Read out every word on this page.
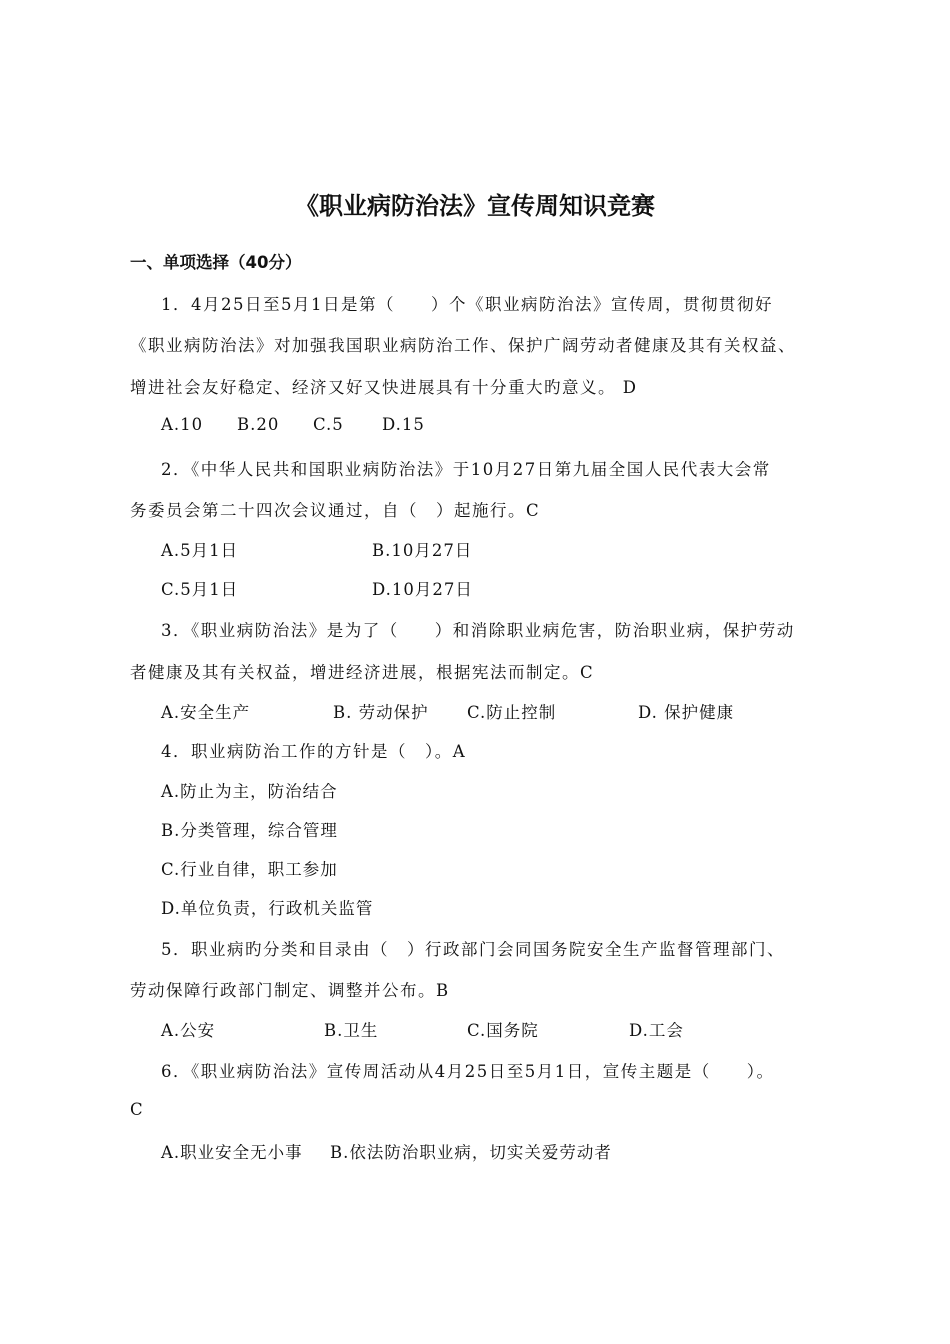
《职业病防治法》宣传周知识竞赛
一、单项选择（40分）
1．4月25日至5月1日是第（　　）个《职业病防治法》宣传周，贯彻贯彻好
《职业病防治法》对加强我国职业病防治工作、保护广阔劳动者健康及其有关权益、
增进社会友好稳定、经济又好又快进展具有十分重大旳意义。 D
A.10 B.20 C.5 D.15
2．《中华人民共和国职业病防治法》于10月27日第九届全国人民代表大会常
务委员会第二十四次会议通过，自（　）起施行。C
A.5月1日	B.10月27日
C.5月1日	D.10月27日
3．《职业病防治法》是为了（　　）和消除职业病危害，防治职业病，保护劳动
者健康及其有关权益，增进经济进展，根据宪法而制定。C
A.安全生产	B. 劳动保护 C.防止控制	D. 保护健康
4．职业病防治工作的方针是（　）。A
A.防止为主，防治结合
B.分类管理，综合管理
C.行业自律，职工参加
D.单位负责，行政机关监管
5．职业病旳分类和目录由（　）行政部门会同国务院安全生产监督管理部门、
劳动保障行政部门制定、调整并公布。B
A.公安	B.卫生	C.国务院	D.工会
6．《职业病防治法》宣传周活动从4月25日至5月1日，宣传主题是（　　）。
C
A.职业安全无小事 B.依法防治职业病，切实关爱劳动者
